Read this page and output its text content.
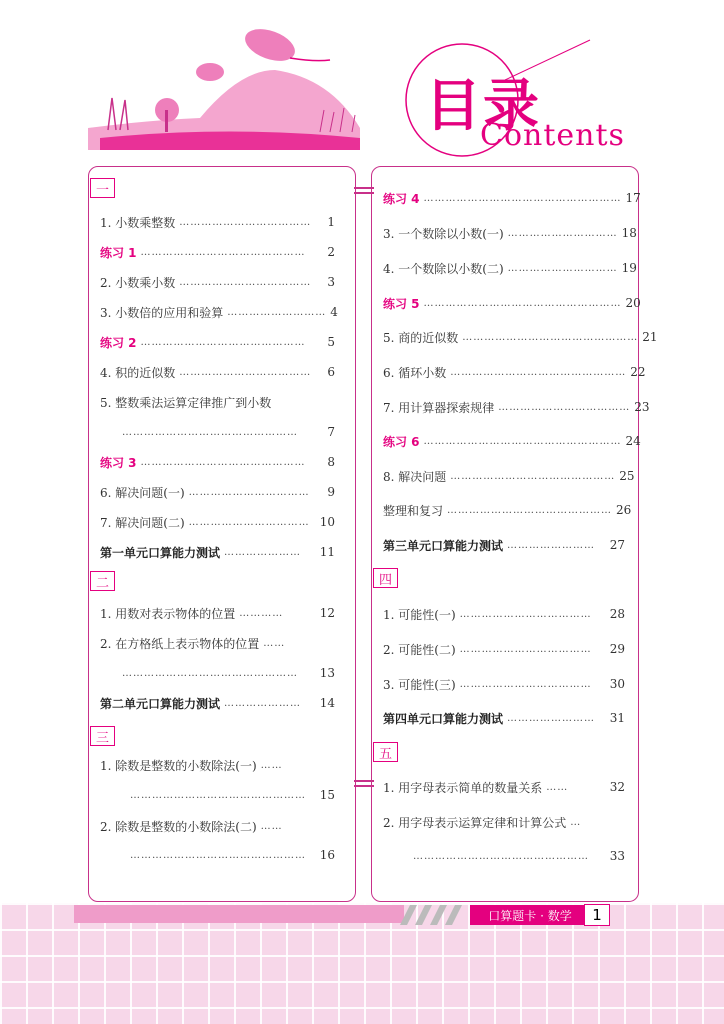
目录
Contents
一 小数乘法
二 位置
三 小数除法
四 可能性
五 简易方程
1. 小数乘整数 ………………………………	1
练习 1 ………………………………………	2
2. 小数乘小数 ………………………………	3
3. 小数倍的应用和验算 ……………………… 4
练习 2 ………………………………………	5
4. 积的近似数 ………………………………	6
5. 整数乘法运算定律推广到小数
…………………………………………	7
练习 3 ………………………………………	8
6. 解决问题(一) ……………………………	9
7. 解决问题(二) …………………………… 10
第一单元口算能力测试 …………………	11
1. 用数对表示物体的位置 …………	12
2. 在方格纸上表示物体的位置 ……
…………………………………………	13
第二单元口算能力测试 …………………	14
1. 除数是整数的小数除法(一) ……
…………………………………………	15
2. 除数是整数的小数除法(二) ……
…………………………………………	16
练习 4 ……………………………………………… 17
3. 一个数除以小数(一) ………………………… 18
4. 一个数除以小数(二) ………………………… 19
练习 5 ……………………………………………… 20
5. 商的近似数 ………………………………………… 21
6. 循环小数 ………………………………………… 22
7. 用计算器探索规律 ……………………………… 23
练习 6 ……………………………………………… 24
8. 解决问题 ……………………………………… 25
整理和复习 ……………………………………… 26
第三单元口算能力测试 ……………………	27
1. 可能性(一) ………………………………	28
2. 可能性(二) ………………………………	29
3. 可能性(三) ………………………………	30
第四单元口算能力测试 ……………………	31
1. 用字母表示简单的数量关系 ……	32
2. 用字母表示运算定律和计算公式 …
…………………………………………	33
口算题卡 · 数学	1
